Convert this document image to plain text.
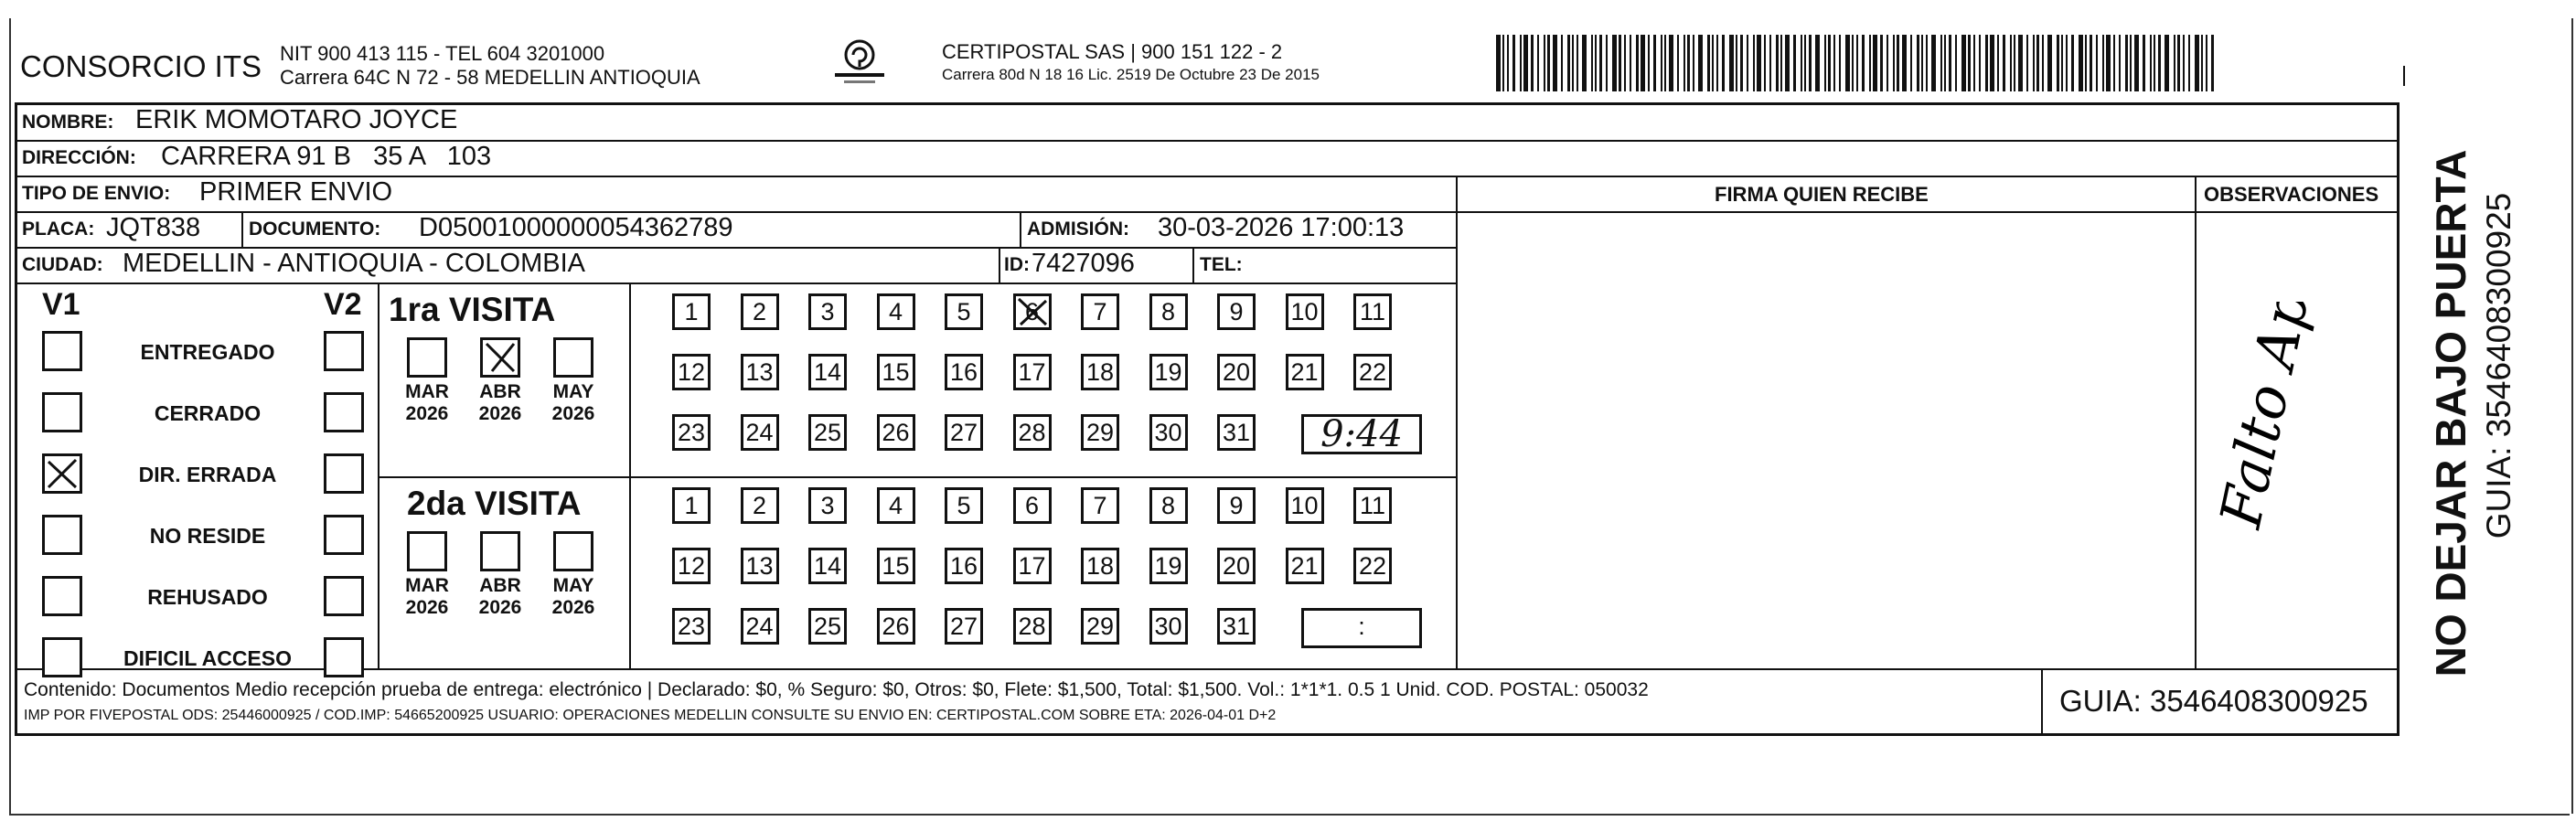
CONSORCIO ITS NIT 900 413 115 - TEL 604 3201000
Carrera 64C N 72 - 58 MEDELLIN ANTIOQUIA
CERTIPOSTAL SAS | 900 151 122 - 2
Carrera 80d N 18 16 Lic. 2519 De Octubre 23 De 2015
NOMBRE: ERIK MOMOTARO JOYCE
DIRECCIÓN: CARRERA 91 B   35 A   103
TIPO DE ENVIO: PRIMER ENVIO	FIRMA QUIEN RECIBE	OBSERVACIONES
PLACA: JQT838	DOCUMENTO: D05001000000054362789	ADMISIÓN: 30-03-2026 17:00:13
CIUDAD: MEDELLIN - ANTIOQUIA - COLOMBIA	ID: 7427096	TEL:
V1	V2
ENTREGADO
CERRADO
DIR. ERRADA
NO RESIDE
REHUSADO
DIFICIL ACCESO
1ra VISITA
2da VISITA
MAR
2026
ABR
2026
MAY
2026
1	2	3	4	5	6	7	8	9	10 11
12 13 14 15 16 17 18 19 20 21 22
23 24 25 26 27 28 29 30 31	9:44
MAR
2026
ABR
2026
MAY
2026
1	2	3	4	5	6	7	8	9	10 11
12 13 14 15 16 17 18 19 20 21 22
23 24 25 26 27 28 29 30 31	:
Falto Apto
Contenido: Documentos Medio recepción prueba de entrega: electrónico | Declarado: $0, % Seguro: $0, Otros: $0, Flete: $1,500, Total: $1,500. Vol.: 1*1*1. 0.5 1 Unid. COD. POSTAL: 050032
IMP POR FIVEPOSTAL ODS: 25446000925 / COD.IMP: 54665200925 USUARIO: OPERACIONES MEDELLIN CONSULTE SU ENVIO EN: CERTIPOSTAL.COM SOBRE ETA: 2026-04-01 D+2	GUIA: 3546408300925
NO DEJAR BAJO PUERTA GUIA: 3546408300925
